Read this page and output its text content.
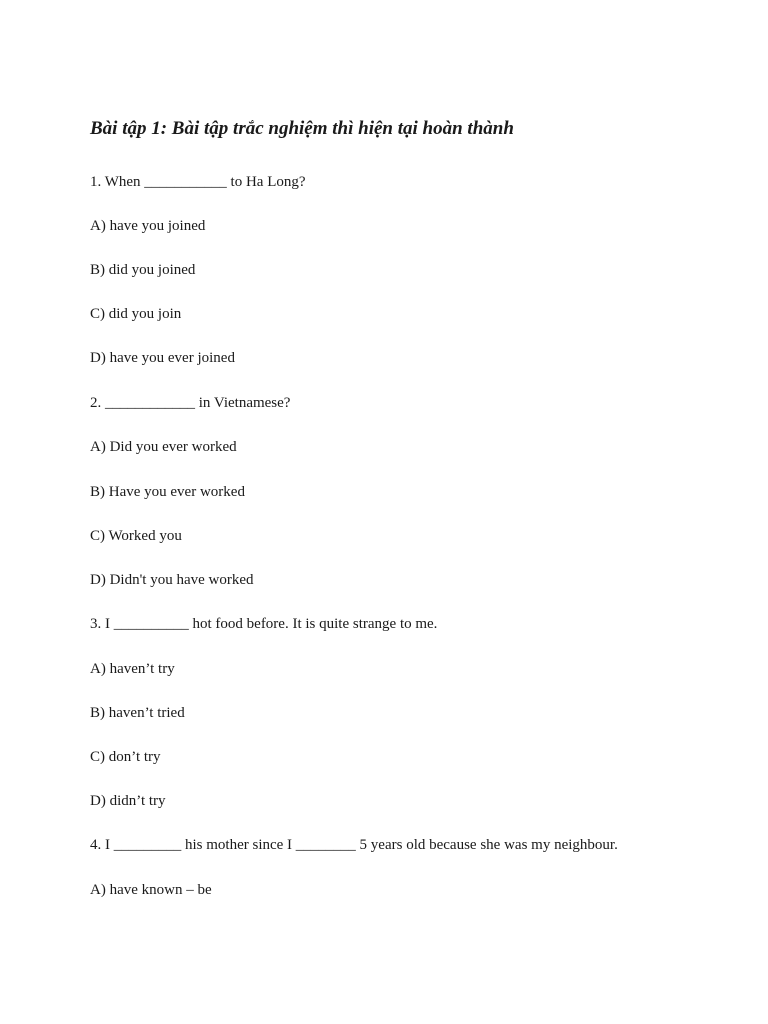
Bài tập 1: Bài tập trắc nghiệm thì hiện tại hoàn thành

1. When ___________ to Ha Long?

A) have you joined

B) did you joined

C) did you join

D) have you ever joined

2. ____________ in Vietnamese?

A) Did you ever worked

B) Have you ever worked

C) Worked you

D) Didn't you have worked

3. I __________ hot food before. It is quite strange to me.

A) haven’t try

B) haven’t tried

C) don’t try

D) didn’t try

4. I _________ his mother since I ________ 5 years old because she was my neighbour.

A) have known – be
